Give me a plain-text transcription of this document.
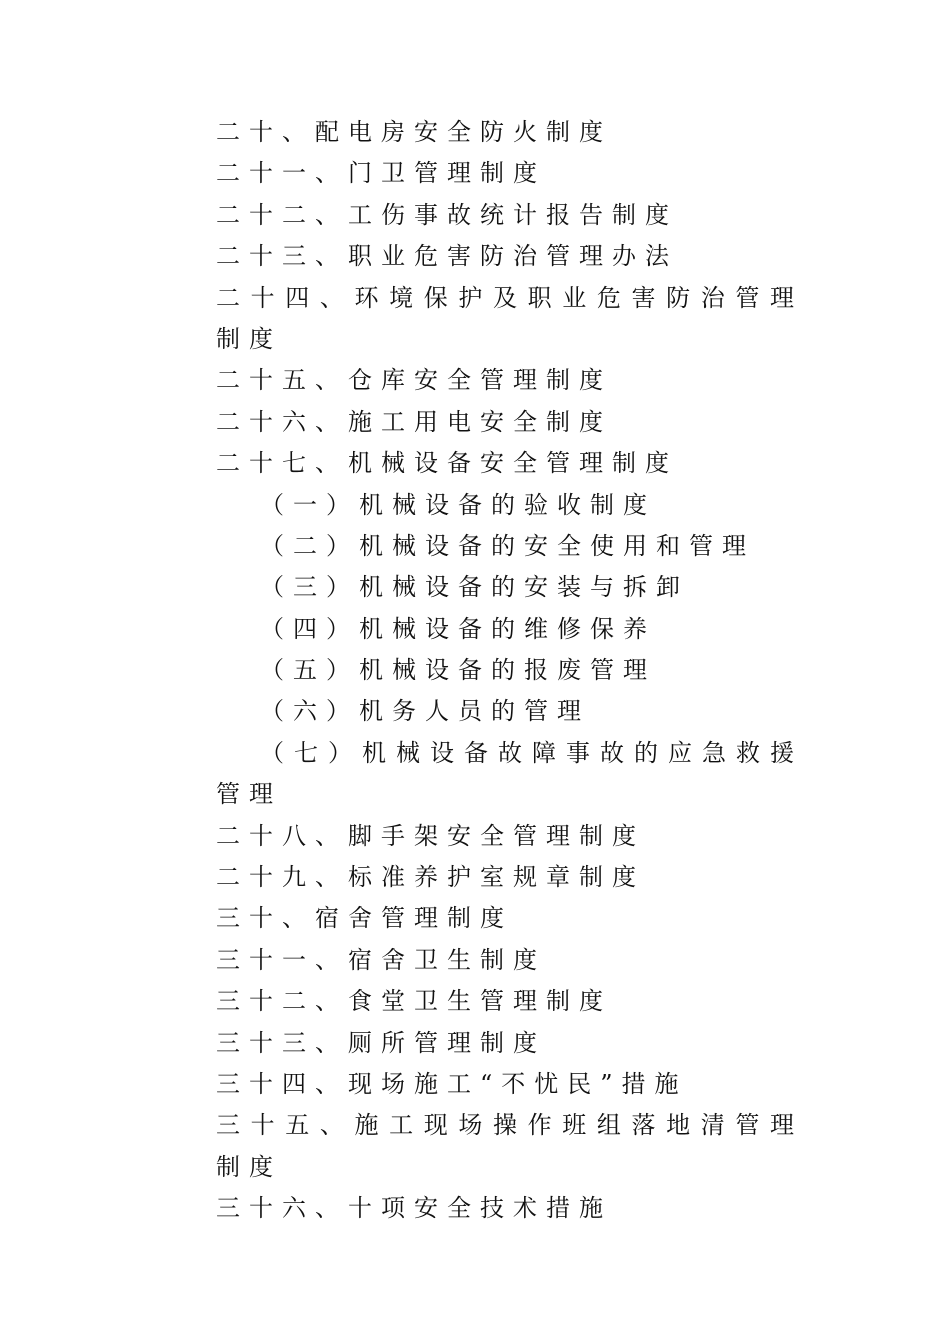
二十、配电房安全防火制度
二十一、门卫管理制度
二十二、工伤事故统计报告制度
二十三、职业危害防治管理办法
二十四、环境保护及职业危害防治管理
制度
二十五、仓库安全管理制度
二十六、施工用电安全制度
二十七、机械设备安全管理制度
（一）机械设备的验收制度
（二）机械设备的安全使用和管理
（三）机械设备的安装与拆卸
（四）机械设备的维修保养
（五）机械设备的报废管理
（六）机务人员的管理
（七）机械设备故障事故的应急救援
管理
二十八、脚手架安全管理制度
二十九、标准养护室规章制度
三十、宿舍管理制度
三十一、宿舍卫生制度
三十二、食堂卫生管理制度
三十三、厕所管理制度
三十四、现场施工“不忧民”措施
三十五、施工现场操作班组落地清管理
制度
三十六、十项安全技术措施
